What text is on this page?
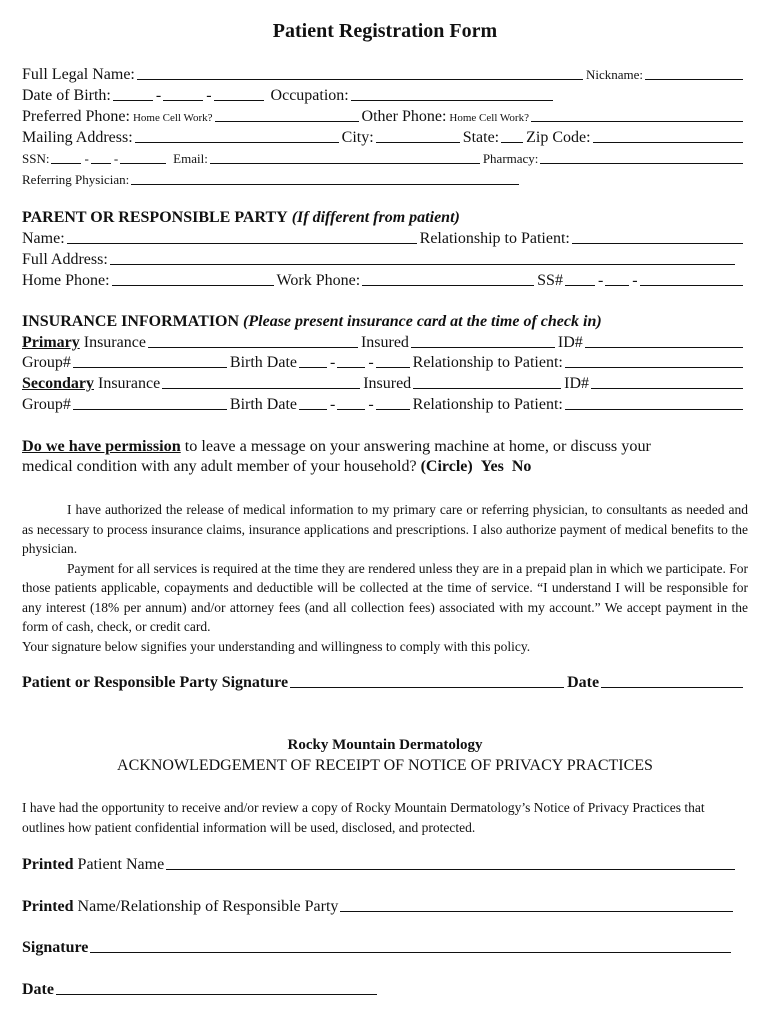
Patient Registration Form
Full Legal Name:	Nickname:
Date of Birth:	-	-	Occupation:
Preferred Phone: Home Cell Work?	Other Phone: Home Cell Work?
Mailing Address:	City:	State: Zip Code:
SSN:	- -	Email:	Pharmacy:
Referring Physician:
PARENT OR RESPONSIBLE PARTY
(If different from patient)
Name:	Relationship to Patient:
Full Address:
Home Phone:	Work Phone:	SS# - -
INSURANCE INFORMATION
(Please present insurance card at the time of check in)
Primary Insurance	Insured	ID#
Group#	Birth Date - - Relationship to Patient:
Secondary Insurance	Insured	ID#
Group#	Birth Date - - Relationship to Patient:
Do we have permission to leave a message on your answering machine at home, or discuss your
medical condition with any adult member of your household?
(Circle)
Yes
No

I have authorized the release of medical information to my primary care or referring physician, to consultants as needed and as necessary to process insurance claims, insurance applications and prescriptions. I also authorize payment of medical benefits to the physician.

Payment for all services is required at the time they are rendered unless they are in a prepaid plan in which we participate. For those patients applicable, copayments and deductible will be collected at the time of service. “I understand I will be responsible for any interest (18% per annum) and/or attorney fees (and all collection fees) associated with my account.” We accept payment in the form of cash, check, or credit card.

Your signature below signifies your understanding and willingness to comply with this policy.

Patient or Responsible Party Signature	Date
Rocky Mountain Dermatology
ACKNOWLEDGEMENT OF RECEIPT OF NOTICE OF PRIVACY PRACTICES
I have had the opportunity to receive and/or review a copy of Rocky Mountain Dermatology’s Notice of Privacy Practices that outlines how patient confidential information will be used, disclosed, and protected.
Printed Patient Name
Printed Name/Relationship of Responsible Party
Signature
Date
